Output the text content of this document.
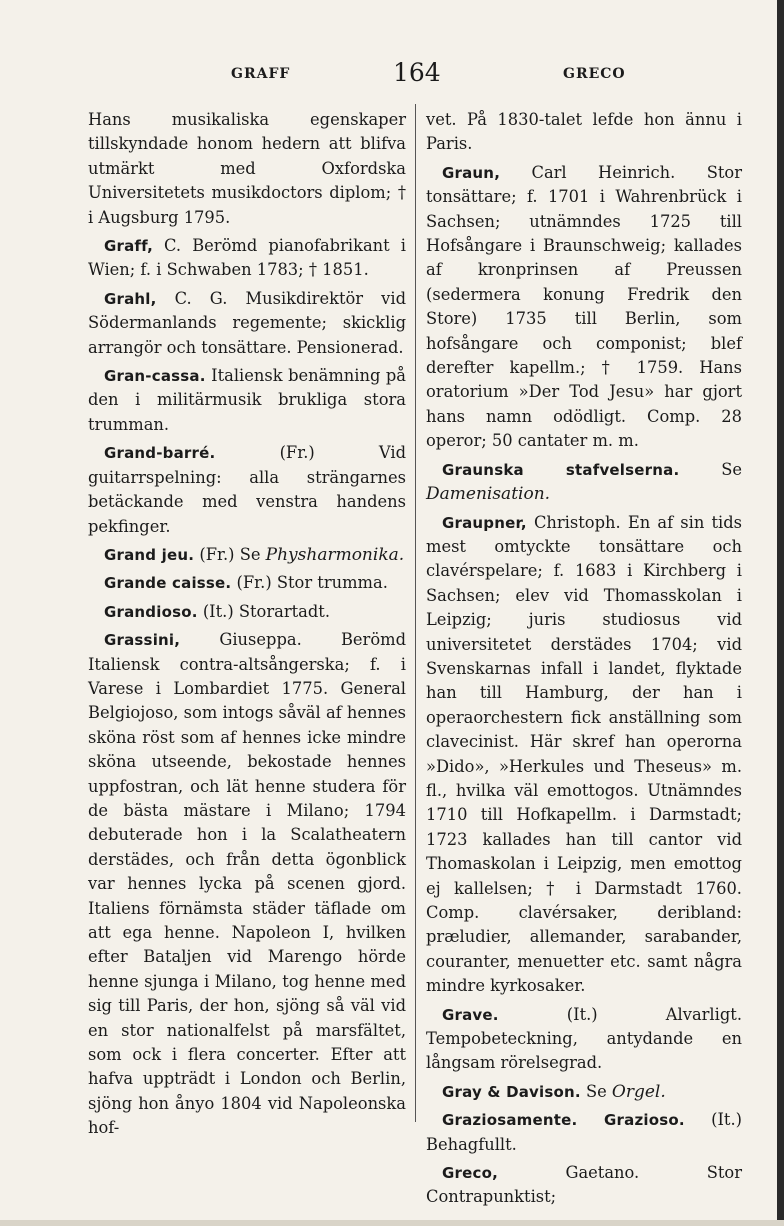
GRAFF	164	GRECO

Hans musikaliska egenskaper tillskyndade honom hedern att blifva utmärkt med Oxfordska Universitetets musikdoctors diplom; † i Augsburg 1795.

Graff, C. Berömd pianofabrikant i Wien; f. i Schwaben 1783; † 1851.

Grahl, C. G. Musikdirektör vid Södermanlands regemente; skicklig arrangör och tonsättare. Pensionerad.

Gran-cassa. Italiensk benämning på den i militärmusik brukliga stora trumman.

Grand-barré. (Fr.) Vid guitarrspelning: alla strängarnes betäckande med venstra handens pekfinger.

Grand jeu. (Fr.) Se Physharmonika.

Grande caisse. (Fr.) Stor trumma.

Grandioso. (It.) Storartadt.

Grassini, Giuseppa. Berömd Italiensk contra-altsångerska; f. i Varese i Lombardiet 1775. General Belgiojoso, som intogs såväl af hennes sköna röst som af hennes icke mindre sköna utseende, bekostade hennes uppfostran, och lät henne studera för de bästa mästare i Milano; 1794 debuterade hon i la Scalatheatern derstädes, och från detta ögonblick var hennes lycka på scenen gjord. Italiens förnämsta städer täflade om att ega henne. Napoleon I, hvilken efter Bataljen vid Marengo hörde henne sjunga i Milano, tog henne med sig till Paris, der hon, sjöng så väl vid en stor nationalfelst på marsfältet, som ock i flera concerter. Efter att hafva uppträdt i London och Berlin, sjöng hon ånyo 1804 vid Napoleonska hof-

vet. På 1830-talet lefde hon ännu i Paris.

Graun, Carl Heinrich. Stor tonsättare; f. 1701 i Wahrenbrück i Sachsen; utnämndes 1725 till Hofsångare i Braunschweig; kallades af kronprinsen af Preussen (sedermera konung Fredrik den Store) 1735 till Berlin, som hofsångare och componist; blef derefter kapellm.; † 1759. Hans oratorium »Der Tod Jesu» har gjort hans namn odödligt. Comp. 28 operor; 50 cantater m. m.

Graunska stafvelserna. Se Damenisation.

Graupner, Christoph. En af sin tids mest omtyckte tonsättare och clavérspelare; f. 1683 i Kirchberg i Sachsen; elev vid Thomasskolan i Leipzig; juris studiosus vid universitetet derstädes 1704; vid Svenskarnas infall i landet, flyktade han till Hamburg, der han i operaorchestern fick anställning som clavecinist. Här skref han operorna »Dido», »Herkules und Theseus» m. fl., hvilka väl emottogos. Utnämndes 1710 till Hofkapellm. i Darmstadt; 1723 kallades han till cantor vid Thomaskolan i Leipzig, men emottog ej kallelsen; † i Darmstadt 1760. Comp. clavérsaker, deribland: præludier, allemander, sarabander, couranter, menuetter etc. samt några mindre kyrkosaker.

Grave. (It.) Alvarligt. Tempobeteckning, antydande en långsam rörelsegrad.

Gray & Davison. Se Orgel.

Graziosamente. Grazioso. (It.) Behagfullt.

Greco, Gaetano. Stor Contrapunktist;
